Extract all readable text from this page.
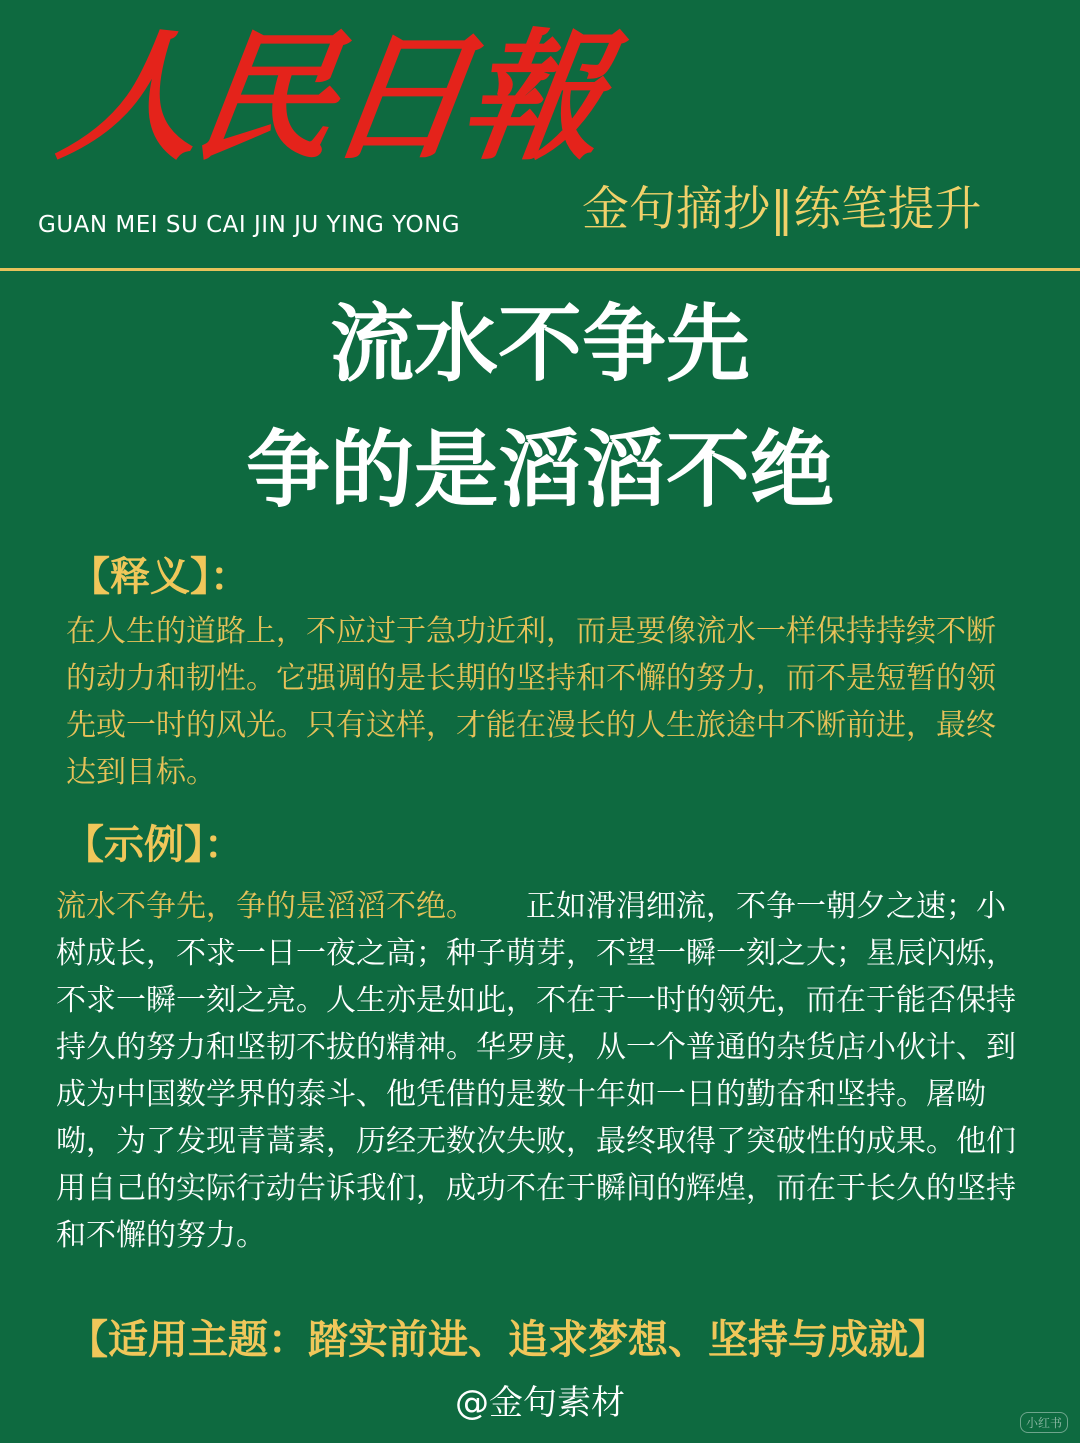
人民日報
GUAN MEI SU CAI JIN JU YING YONG	金句摘抄‖练笔提升
流水不争先
争的是滔滔不绝
【释义】：
在人生的道路上，不应过于急功近利，而是要像流水一样保持持续不断的动力和韧性。它强调的是长期的坚持和不懈的努力，而不是短暂的领先或一时的风光。只有这样，才能在漫长的人生旅途中不断前进，最终达到目标。
【示例】：
流水不争先，争的是滔滔不绝。 正如滑涓细流，不争一朝夕之速；小树成长，不求一日一夜之高；种子萌芽，不望一瞬一刻之大；星辰闪烁，不求一瞬一刻之亮。人生亦是如此，不在于一时的领先，而在于能否保持持久的努力和坚韧不拔的精神。华罗庚，从一个普通的杂货店小伙计、到成为中国数学界的泰斗、他凭借的是数十年如一日的勤奋和坚持。屠呦呦，为了发现青蒿素，历经无数次失败，最终取得了突破性的成果。他们用自己的实际行动告诉我们，成功不在于瞬间的辉煌，而在于长久的坚持和不懈的努力。
【适用主题：踏实前进、追求梦想、坚持与成就】
@金句素材	小红书
